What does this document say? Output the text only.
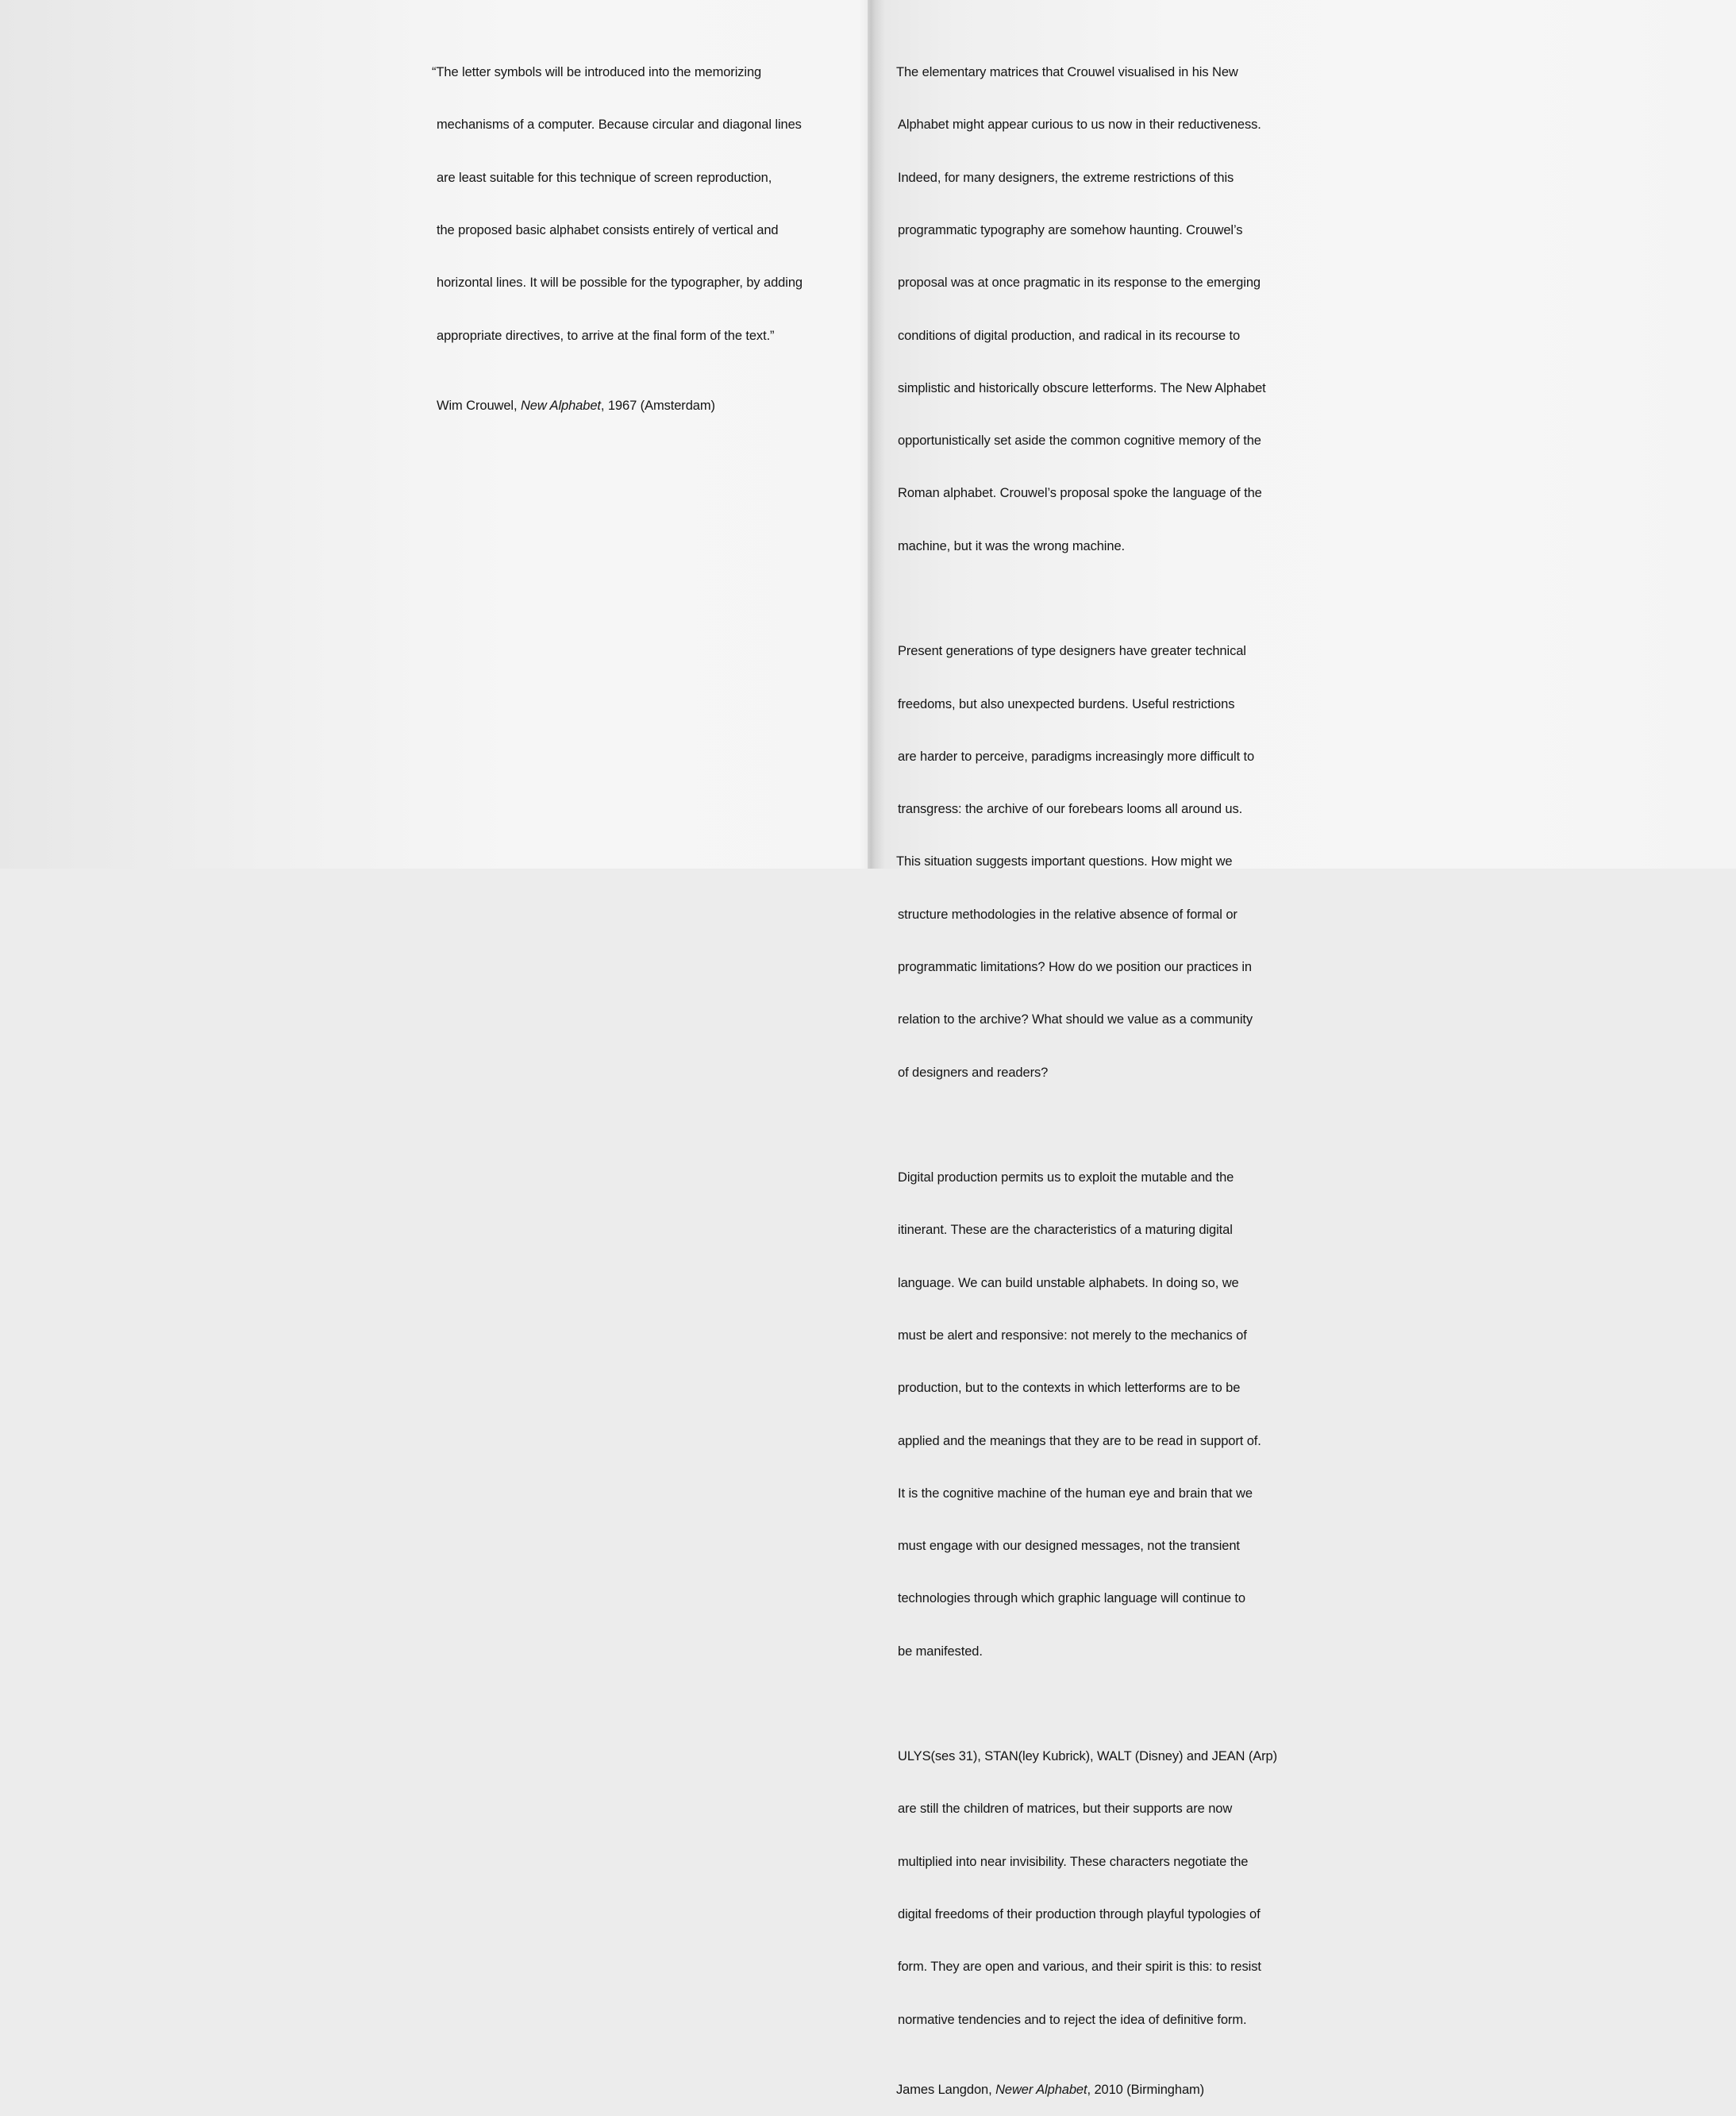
“The letter symbols will be introduced into the memorizing

mechanisms of a computer. Because circular and diagonal lines

are least suitable for this technique of screen reproduction,

the proposed basic alphabet consists entirely of vertical and

horizontal lines. It will be possible for the typographer, by adding

appropriate directives, to arrive at the final form of the text.”

Wim Crouwel, New Alphabet, 1967 (Amsterdam)

The elementary matrices that Crouwel visualised in his New

Alphabet might appear curious to us now in their reductiveness.

Indeed, for many designers, the extreme restrictions of this

programmatic typography are somehow haunting. Crouwel’s

proposal was at once pragmatic in its response to the emerging

conditions of digital production, and radical in its recourse to

simplistic and historically obscure letterforms. The New Alphabet

opportunistically set aside the common cognitive memory of the

Roman alphabet. Crouwel’s proposal spoke the language of the

machine, but it was the wrong machine.

Present generations of type designers have greater technical

freedoms, but also unexpected burdens. Useful restrictions

are harder to perceive, paradigms increasingly more difficult to

transgress: the archive of our forebears looms all around us.

This situation suggests important questions. How might we

structure methodologies in the relative absence of formal or

programmatic limitations? How do we position our practices in

relation to the archive? What should we value as a community

of designers and readers?

Digital production permits us to exploit the mutable and the

itinerant. These are the characteristics of a maturing digital

language. We can build unstable alphabets. In doing so, we

must be alert and responsive: not merely to the mechanics of

production, but to the contexts in which letterforms are to be

applied and the meanings that they are to be read in support of.

It is the cognitive machine of the human eye and brain that we

must engage with our designed messages, not the transient

technologies through which graphic language will continue to

be manifested.

ULYS(ses 31), STAN(ley Kubrick), WALT (Disney) and JEAN (Arp)

are still the children of matrices, but their supports are now

multiplied into near invisibility. These characters negotiate the

digital freedoms of their production through playful typologies of

form. They are open and various, and their spirit is this: to resist

normative tendencies and to reject the idea of definitive form.

James Langdon, Newer Alphabet, 2010 (Birmingham)
